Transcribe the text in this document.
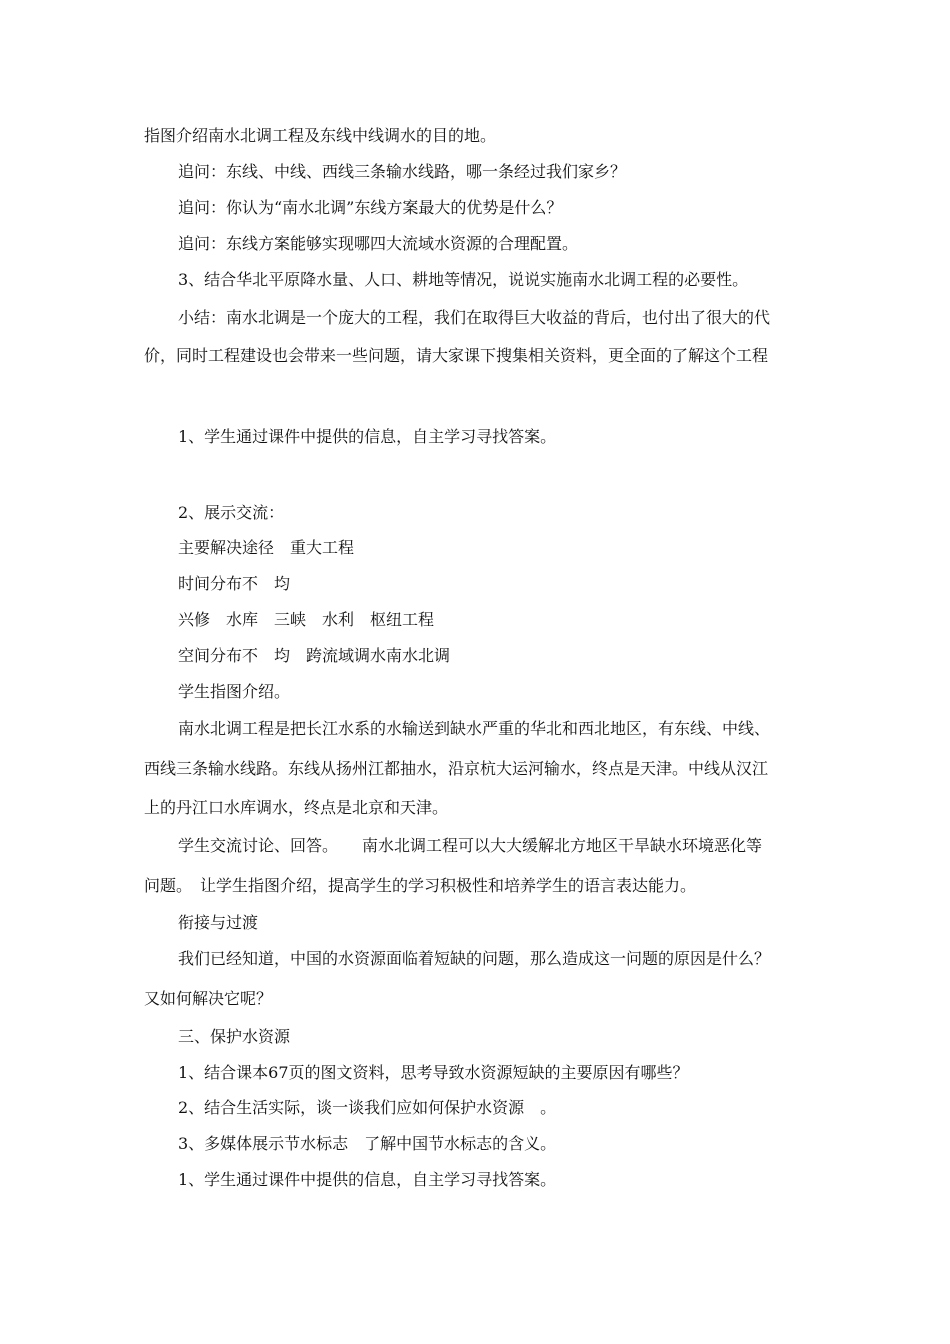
指图介绍南水北调工程及东线中线调水的目的地。
追问：东线、中线、西线三条输水线路，哪一条经过我们家乡？
追问：你认为“南水北调”东线方案最大的优势是什么？
追问：东线方案能够实现哪四大流域水资源的合理配置。
3、结合华北平原降水量、人口、耕地等情况，说说实施南水北调工程的必要性。
小结：南水北调是一个庞大的工程，我们在取得巨大收益的背后，也付出了很大的代
价，同时工程建设也会带来一些问题，请大家课下搜集相关资料，更全面的了解这个工程
1、学生通过课件中提供的信息，自主学习寻找答案。
2、展示交流：
主要解决途径　重大工程
时间分布不　均
兴修　水库　三峡　水利　枢纽工程
空间分布不　均　跨流域调水南水北调
学生指图介绍。
南水北调工程是把长江水系的水输送到缺水严重的华北和西北地区，有东线、中线、
西线三条输水线路。东线从扬州江都抽水，沿京杭大运河输水，终点是天津。中线从汉江
上的丹江口水库调水，终点是北京和天津。
学生交流讨论、回答。　　南水北调工程可以大大缓解北方地区干旱缺水环境恶化等
问题。　让学生指图介绍，提高学生的学习积极性和培养学生的语言表达能力。
衔接与过渡
我们已经知道，中国的水资源面临着短缺的问题，那么造成这一问题的原因是什么？
又如何解决它呢？
三、保护水资源
1、结合课本67页的图文资料，思考导致水资源短缺的主要原因有哪些？
2、结合生活实际，谈一谈我们应如何保护水资源　。
3、多媒体展示节水标志　了解中国节水标志的含义。
1、学生通过课件中提供的信息，自主学习寻找答案。
